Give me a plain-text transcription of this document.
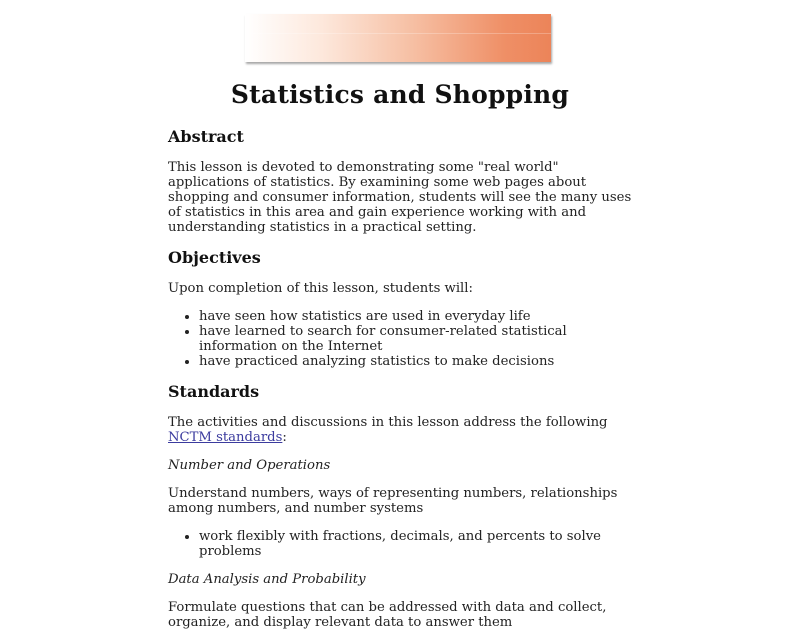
Statistics and Shopping
Abstract

This lesson is devoted to demonstrating some "real world" applications of statistics. By examining some web pages about shopping and consumer information, students will see the many uses of statistics in this area and gain experience working with and understanding statistics in a practical setting.

Objectives

Upon completion of this lesson, students will:

• have seen how statistics are used in everyday life
• have learned to search for consumer-related statistical information on the Internet
• have practiced analyzing statistics to make decisions
Standards

The activities and discussions in this lesson address the following NCTM standards:

Number and Operations

Understand numbers, ways of representing numbers, relationships among numbers, and number systems

• work flexibly with fractions, decimals, and percents to solve problems

Data Analysis and Probability

Formulate questions that can be addressed with data and collect, organize, and display relevant data to answer them
